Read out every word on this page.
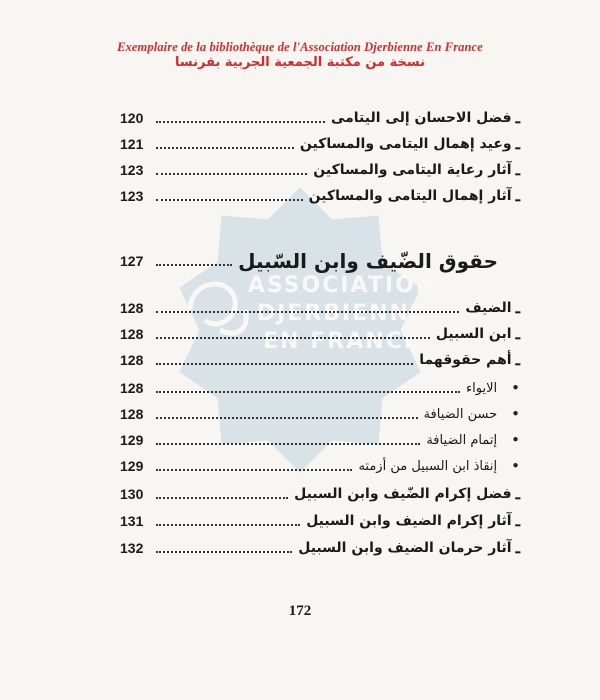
Exemplaire de la bibliothèque de l'Association Djerbienne En France
نسخة من مكتبة الجمعية الجربية بفرنسا
ASSOCIATION
DJERBIENNE
EN FRANCE
ـ
فضل الاحسان إلى اليتامى
120
ـ
وعيد إهمال اليتامى والمساكين
121
ـ
آثار رعاية اليتامى والمساكين
123
ـ
آثار إهمال اليتامى والمساكين
123
حقوق الضّيف وابن السّبيل
127
ـ
الضيف
128
ـ
ابن السبيل
128
ـ
أهم حقوقهما
128
•
الايواء
128
•
حسن الضيافة
128
•
إتمام الضيافة
129
•
إنقاذ ابن السبيل من أزمته
129
ـ
فضل إكرام الضّيف وابن السبيل
130
ـ
آثار إكرام الضيف وابن السبيل
131
ـ
آثار حرمان الضيف وابن السبيل
132
172
